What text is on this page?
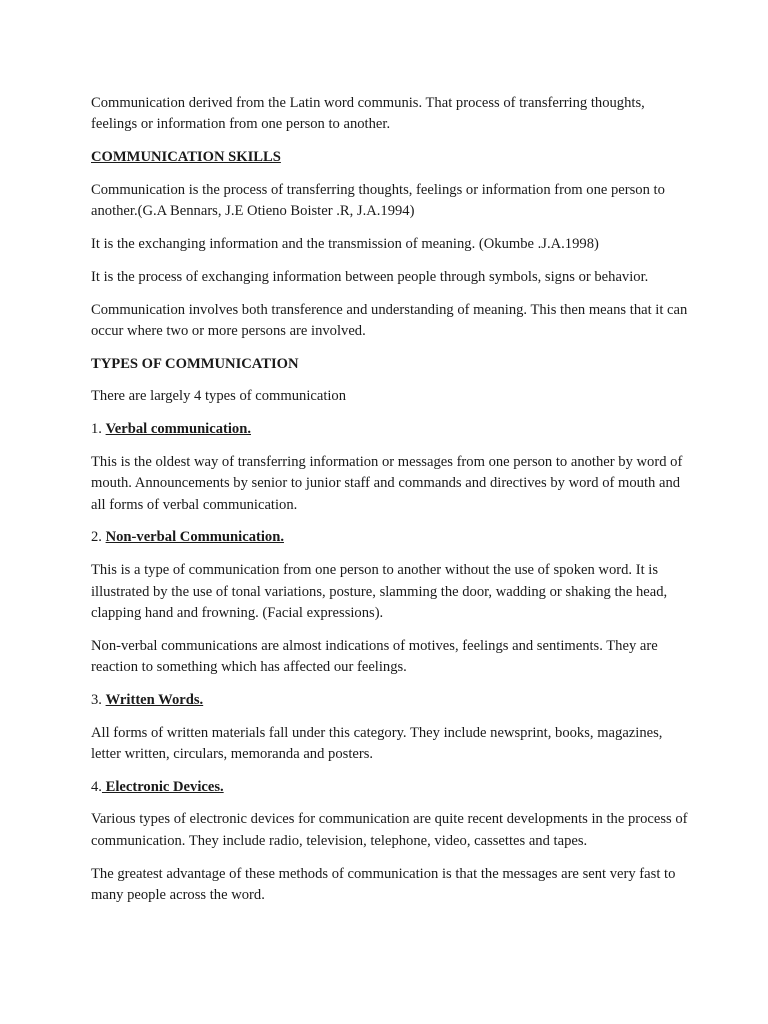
Communication derived from the Latin word communis. That process of transferring thoughts, feelings or information from one person to another.

COMMUNICATION SKILLS

Communication is the process of transferring thoughts, feelings or information from one person to another.(G.A Bennars, J.E Otieno Boister .R, J.A.1994)

It is the exchanging information and the transmission of meaning. (Okumbe .J.A.1998)

It is the process of exchanging information between people through symbols, signs or behavior.

Communication involves both transference and understanding of meaning. This then means that it can occur where two or more persons are involved.

TYPES OF COMMUNICATION

There are largely 4 types of communication

1. Verbal communication.

This is the oldest way of transferring information or messages from one person to another by word of mouth. Announcements by senior to junior staff and commands and directives by word of mouth and all forms of verbal communication.

2. Non-verbal Communication.

This is a type of communication from one person to another without the use of spoken word. It is illustrated by the use of tonal variations, posture, slamming the door, wadding or shaking the head, clapping hand and frowning. (Facial expressions).

Non-verbal communications are almost indications of motives, feelings and sentiments. They are reaction to something which has affected our feelings.

3. Written Words.

All forms of written materials fall under this category. They include newsprint, books, magazines, letter written, circulars, memoranda and posters.

4. Electronic Devices.

Various types of electronic devices for communication are quite recent developments in the process of communication. They include radio, television, telephone, video, cassettes and tapes.

The greatest advantage of these methods of communication is that the messages are sent very fast to many people across the word.
